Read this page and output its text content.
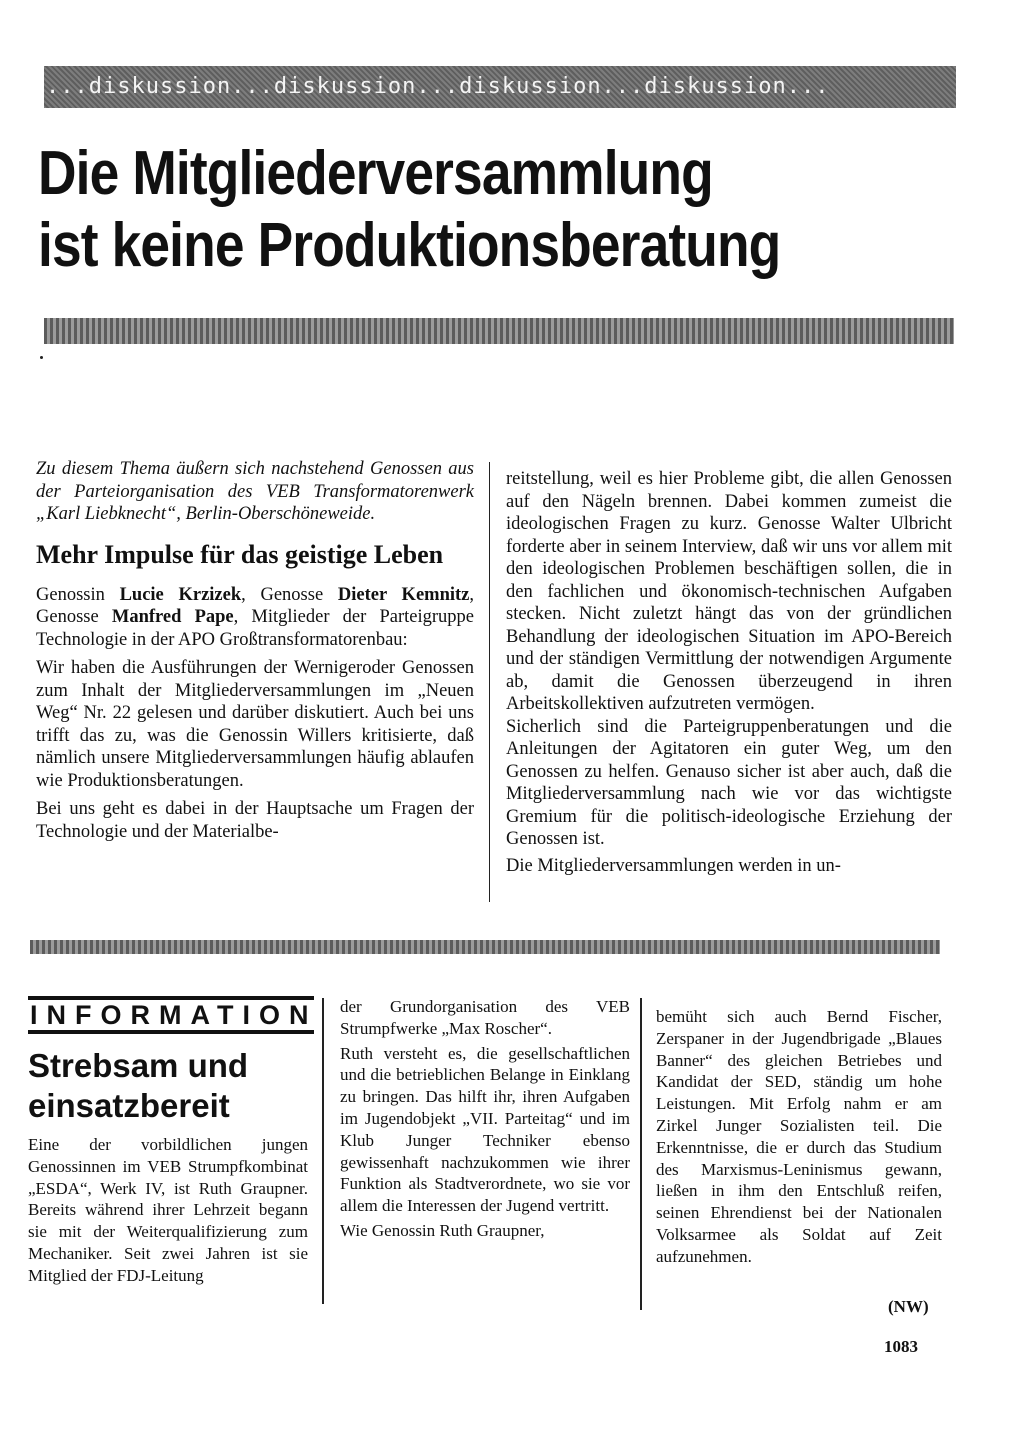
...diskussion...diskussion...diskussion...diskussion...
Die Mitgliederversammlung
ist keine Produktionsberatung

Zu diesem Thema äußern sich nachstehend Genossen aus der Parteiorganisation des VEB Transformatorenwerk „Karl Liebknecht“, Berlin-Oberschöneweide.

Mehr Impulse für das geistige Leben

Genossin Lucie Krzizek, Genosse Dieter Kemnitz, Genosse Manfred Pape, Mitglieder der Parteigruppe Technologie in der APO Großtransformatorenbau:

Wir haben die Ausführungen der Wernigeroder Genossen zum Inhalt der Mitgliederversammlungen im „Neuen Weg“ Nr. 22 gelesen und darüber diskutiert. Auch bei uns trifft das zu, was die Genossin Willers kritisierte, daß nämlich unsere Mitgliederversammlungen häufig ablaufen wie Produktionsberatungen.

Bei uns geht es dabei in der Hauptsache um Fragen der Technologie und der Materialbe-

reitstellung, weil es hier Probleme gibt, die allen Genossen auf den Nägeln brennen. Dabei kommen zumeist die ideologischen Fragen zu kurz. Genosse Walter Ulbricht forderte aber in seinem Interview, daß wir uns vor allem mit den ideologischen Problemen beschäftigen sollen, die in den fachlichen und ökonomisch-technischen Aufgaben stecken. Nicht zuletzt hängt das von der gründlichen Behandlung der ideologischen Situation im APO-Bereich und der ständigen Vermittlung der notwendigen Argumente ab, damit die Genossen überzeugend in ihren Arbeitskollektiven aufzutreten vermögen.

Sicherlich sind die Parteigruppenberatungen und die Anleitungen der Agitatoren ein guter Weg, um den Genossen zu helfen. Genauso sicher ist aber auch, daß die Mitgliederversammlung nach wie vor das wichtigste Gremium für die politisch-ideologische Erziehung der Genossen ist.

Die Mitgliederversammlungen werden in un-

INFORMATION
Strebsam und einsatzbereit

Eine der vorbildlichen jungen Genossinnen im VEB Strumpfkombinat „ESDA“, Werk IV, ist Ruth Graupner. Bereits während ihrer Lehrzeit begann sie mit der Weiterqualifizierung zum Mechaniker. Seit zwei Jahren ist sie Mitglied der FDJ-Leitung

der Grundorganisation des VEB Strumpfwerke „Max Roscher“.

Ruth versteht es, die gesellschaftlichen und die betrieblichen Belange in Einklang zu bringen. Das hilft ihr, ihren Aufgaben im Jugendobjekt „VII. Parteitag“ und im Klub Junger Techniker ebenso gewissenhaft nachzukommen wie ihrer Funktion als Stadtverordnete, wo sie vor allem die Interessen der Jugend vertritt.

Wie Genossin Ruth Graupner,

bemüht sich auch Bernd Fischer, Zerspaner in der Jugendbrigade „Blaues Banner“ des gleichen Betriebes und Kandidat der SED, ständig um hohe Leistungen. Mit Erfolg nahm er am Zirkel Junger Sozialisten teil. Die Erkenntnisse, die er durch das Studium des Marxismus-Leninismus gewann, ließen in ihm den Entschluß reifen, seinen Ehrendienst bei der Nationalen Volksarmee als Soldat auf Zeit aufzunehmen.

(NW)
1083
